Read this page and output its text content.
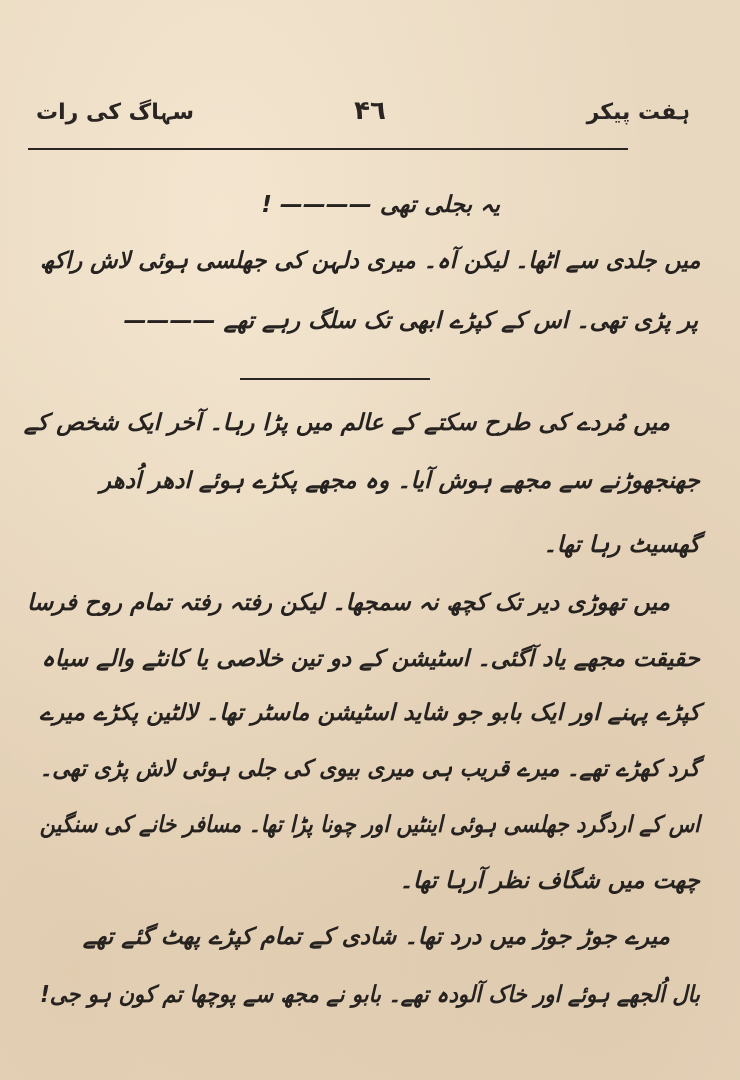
ہفت پیکر
۴٦
سہاگ کی رات
یہ بجلی تھی ———— !
میں جلدی سے اٹھا۔ لیکن آہ۔ میری دلہن کی جھلسی ہوئی لاش راکھ
پر پڑی تھی۔ اس کے کپڑے ابھی تک سلگ رہے تھے ————
میں مُردے کی طرح سکتے کے عالم میں پڑا رہا۔ آخر ایک شخص کے
جھنجھوڑنے سے مجھے ہوش آیا۔ وہ مجھے پکڑے ہوئے ادھر اُدھر
گھسیٹ رہا تھا۔
میں تھوڑی دیر تک کچھ نہ سمجھا۔ لیکن رفتہ رفتہ تمام روح فرسا
حقیقت مجھے یاد آگئی۔ اسٹیشن کے دو تین خلاصی یا کانٹے والے سیاہ
کپڑے پہنے اور ایک بابو جو شاید اسٹیشن ماسٹر تھا۔ لالٹین پکڑے میرے
گرد کھڑے تھے۔ میرے قریب ہی میری بیوی کی جلی ہوئی لاش پڑی تھی۔
اس کے اردگرد جھلسی ہوئی اینٹیں اور چونا پڑا تھا۔ مسافر خانے کی سنگین
چھت میں شگاف نظر آرہا تھا۔
میرے جوڑ جوڑ میں درد تھا۔ شادی کے تمام کپڑے پھٹ گئے تھے
بال اُلجھے ہوئے اور خاک آلودہ تھے۔ بابو نے مجھ سے پوچھا تم کون ہو جی!
